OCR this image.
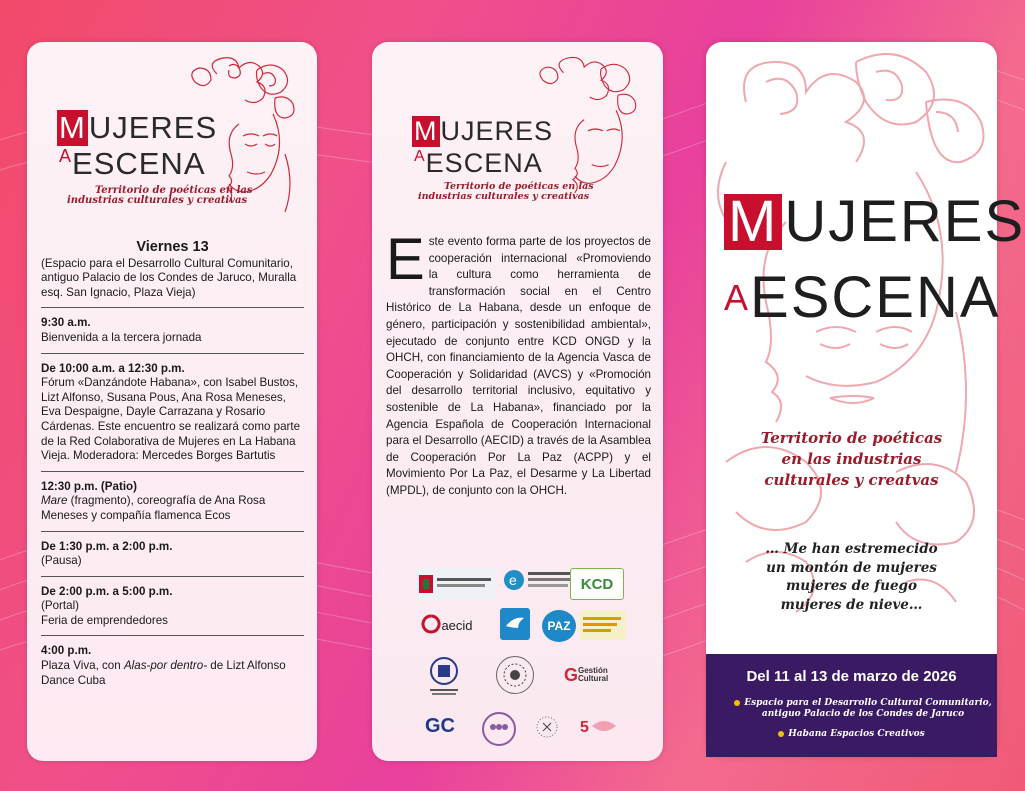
MUJERES
$^A$ESCENA
Territorio de poéticas en las
industrias culturales y creativas
Viernes 13
(Espacio para el Desarrollo Cultural Comunitario, antiguo Palacio de los Condes de Jaruco, Muralla esq. San Ignacio, Plaza Vieja)
9:30 a.m.
Bienvenida a la tercera jornada
De 10:00 a.m. a 12:30 p.m.
Fórum «Danzándote Habana», con Isabel Bustos, Lizt Alfonso, Susana Pous, Ana Rosa Meneses, Eva Despaigne, Dayle Carrazana y Rosario Cárdenas. Este encuentro se realizará como parte de la Red Colaborativa de Mujeres en La Habana Vieja. Moderadora: Mercedes Borges Bartutis
12:30 p.m. (Patio)
Mare (fragmento), coreografía de Ana Rosa Meneses y compañía flamenca Ecos
De 1:30 p.m. a 2:00 p.m.
(Pausa)
De 2:00 p.m. a 5:00 p.m.
(Portal)
Feria de emprendedores
4:00 p.m.
Plaza Viva, con Alas-por dentro- de Lizt Alfonso Dance Cuba
M UJERES
$^A$ESCENA
Territorio de poéticas en las
industrias culturales y creativas
Este evento forma parte de los proyectos de cooperación internacional «Promoviendo la cultura como herramienta de transformación social en el Centro Histórico de La Habana, desde un enfoque de género, participación y sostenibilidad ambiental», ejecutado de conjunto entre KCD ONGD y la OHCH, con financiamiento de la Agencia Vasca de Cooperación y Solidaridad (AVCS) y «Promoción del desarrollo territorial inclusivo, equitativo y sostenible de La Habana», financiado por la Agencia Española de Cooperación Internacional para el Desarrollo (AECID) a través de la Asamblea de Cooperación Por La Paz (ACPP) y el Movimiento Por La Paz, el Desarme y La Libertad (MPDL), de conjunto con la OHCH.
e	KCD
aecid	PAZ
G Gestión Cultural
GC	5
M UJERES
$^A$ESCENA
Territorio de poéticas
en las industrias
culturales y creatvas
… Me han estremecido
un montón de mujeres
mujeres de fuego
mujeres de nieve…
Del 11 al 13 de marzo de 2026
Espacio para el Desarrollo Cultural Comunitario, antiguo Palacio de los Condes de Jaruco
Habana Espacios Creativos
